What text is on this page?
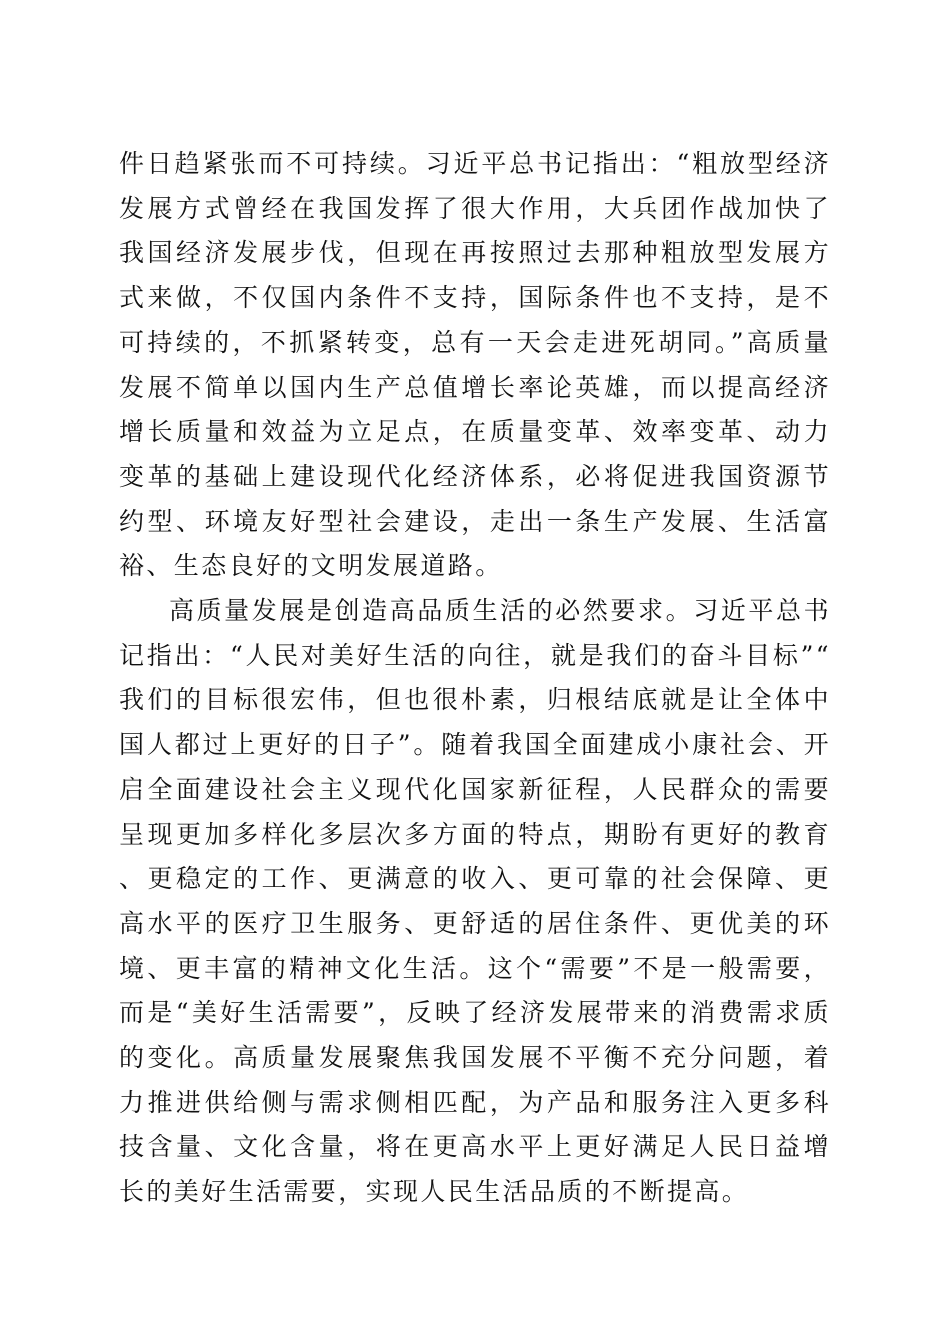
件日趋紧张而不可持续。习近平总书记指出：“粗放型经济发展方式曾经在我国发挥了很大作用，大兵团作战加快了我国经济发展步伐，但现在再按照过去那种粗放型发展方式来做，不仅国内条件不支持，国际条件也不支持，是不可持续的，不抓紧转变，总有一天会走进死胡同。”高质量发展不简单以国内生产总值增长率论英雄，而以提高经济增长质量和效益为立足点，在质量变革、效率变革、动力变革的基础上建设现代化经济体系，必将促进我国资源节约型、环境友好型社会建设，走出一条生产发展、生活富裕、生态良好的文明发展道路。

高质量发展是创造高品质生活的必然要求。习近平总书记指出：“人民对美好生活的向往，就是我们的奋斗目标”“我们的目标很宏伟，但也很朴素，归根结底就是让全体中国人都过上更好的日子”。随着我国全面建成小康社会、开启全面建设社会主义现代化国家新征程，人民群众的需要呈现更加多样化多层次多方面的特点，期盼有更好的教育、更稳定的工作、更满意的收入、更可靠的社会保障、更高水平的医疗卫生服务、更舒适的居住条件、更优美的环境、更丰富的精神文化生活。这个“需要”不是一般需要，而是“美好生活需要”，反映了经济发展带来的消费需求质的变化。高质量发展聚焦我国发展不平衡不充分问题，着力推进供给侧与需求侧相匹配，为产品和服务注入更多科技含量、文化含量，将在更高水平上更好满足人民日益增长的美好生活需要，实现人民生活品质的不断提高。
